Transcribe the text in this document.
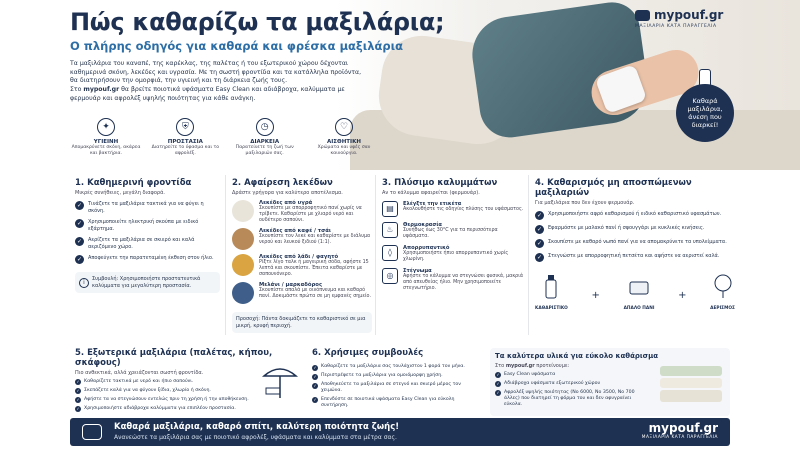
Πώς καθαρίζω τα μαξιλάρια;
Ο πλήρης οδηγός για καθαρά και φρέσκα μαξιλάρια

Τα μαξιλάρια του καναπέ, της καρέκλας, της παλέτας ή του εξωτερικού χώρου δέχονται καθημερινά σκόνη, λεκέδες και υγρασία. Με τη σωστή φροντίδα και τα κατάλληλα προϊόντα, θα διατηρήσουν την ομορφιά, την υγιεινή και τη διάρκεια ζωής τους.

Στο mypouf.gr θα βρείτε ποιοτικά υφάσματα Easy Clean και αδιάβροχα, καλύμματα με φερμουάρ και αφρολέξ υψηλής ποιότητας για κάθε ανάγκη.

mypouf.gr
ΜΑΞΙΛΑΡΙΑ ΚΑΤΑ ΠΑΡΑΓΓΕΛΙΑ
Καθαρά μαξιλάρια, άνεση που διαρκεί!
✦
ΥΓΙΕΙΝΗ
Απομακρύνετε σκόνη, ακάρεα και βακτήρια.
⛨
ΠΡΟΣΤΑΣΙΑ
Διατηρείτε το ύφασμα και το αφρολέξ.
◷
ΔΙΑΡΚΕΙΑ
Παρατείνετε τη ζωή των μαξιλαριών σας.
♡
ΑΙΣΘΗΤΙΚΗ
Χρώματα και υφές σαν καινούργια.
1. Καθημερινή φροντίδα
Μικρές συνήθειες, μεγάλη διαφορά.
✓	Τινάζετε τα μαξιλάρια τακτικά για να φύγει η σκόνη.
✓	Χρησιμοποιείτε ηλεκτρική σκούπα με ειδικό εξάρτημα.
✓	Αερίζετε τα μαξιλάρια σε σκιερό και καλά αεριζόμενο χώρο.
✓	Αποφεύγετε την παρατεταμένη έκθεση στον ήλιο.
i	Συμβουλή: Χρησιμοποιήστε προστατευτικά καλύμματα για μεγαλύτερη προστασία.
2. Αφαίρεση λεκέδων
Δράστε γρήγορα για καλύτερο αποτέλεσμα.
Λεκέδες από υγρά
Σκουπίστε με απορροφητικό πανί χωρίς να τρίβετε. Καθαρίστε με χλιαρό νερό και ουδέτερο σαπούνι.
Λεκέδες από καφέ / τσάι
Σκουπίστε τον λεκέ και καθαρίστε με διάλυμα νερού και λευκού ξιδιού (1:1).
Λεκέδες από λάδι / φαγητό
Ρίξτε λίγο ταλκ ή μαγειρική σόδα, αφήστε 15 λεπτά και σκουπίστε. Έπειτα καθαρίστε με σαπουνόνερο.
Μελάνι / μαρκαδόρος
Σκουπίστε απαλά με οινόπνευμα και καθαρό πανί. Δοκιμάστε πρώτα σε μη εμφανές σημείο.
Προσοχή: Πάντα δοκιμάζετε το καθαριστικό σε μια μικρή, κρυφή περιοχή.
3. Πλύσιμο καλυμμάτων
Αν το κάλυμμα αφαιρείται (φερμουάρ).
▤	Ελέγξτε την ετικέτα
Ακολουθήστε τις οδηγίες πλύσης του υφάσματος.
♨	Θερμοκρασία
Συνήθως έως 30°C για τα περισσότερα υφάσματα.
◊	Απορρυπαντικό
Χρησιμοποιήστε ήπιο απορρυπαντικό χωρίς χλωρίνη.
◎	Στέγνωμα
Αφήστε το κάλυμμα να στεγνώσει φυσικά, μακριά από απευθείας ήλιο. Μην χρησιμοποιείτε στεγνωτήριο.
4. Καθαρισμός μη αποσπώμενων μαξιλαριών
Για μαξιλάρια που δεν έχουν φερμουάρ.
✓	Χρησιμοποιήστε αφρό καθαρισμού ή ειδικό καθαριστικό υφασμάτων.
✓	Εφαρμόστε με μαλακό πανί ή σφουγγάρι με κυκλικές κινήσεις.
✓	Σκουπίστε με καθαρό νωπό πανί για να απομακρύνετε τα υπολείμματα.
✓	Στεγνώστε με απορροφητική πετσέτα και αφήστε να αεριστεί καλά.
ΚΑΘΑΡΙΣΤΙΚΟ
+
ΑΠΑΛΟ ΠΑΝΙ
+
ΑΕΡΙΣΜΟΣ
5. Εξωτερικά μαξιλάρια (παλέτας, κήπου, σκάφους)
Πιο ανθεκτικά, αλλά χρειάζονται σωστή φροντίδα.
✓ Καθαρίζετε τακτικά με νερό και ήπιο σαπούνι.
✓ Σκεπάζετε καλά για να φύγουν ξίδια, χλωρίο ή σκόνη.
✓ Αφήστε τα να στεγνώσουν εντελώς πριν τη χρήση ή την αποθήκευση.
✓ Χρησιμοποιήστε αδιάβροχα καλύμματα για επιπλέον προστασία.
6. Χρήσιμες συμβουλές
✓ Καθαρίζετε τα μαξιλάρια σας τουλάχιστον 1 φορά τον μήνα.
✓ Περιστρέφετε τα μαξιλάρια για ομοιόμορφη χρήση.
✓ Αποθηκεύετε τα μαξιλάρια σε στεγνό και σκιερό μέρος τον χειμώνα.
✓ Επενδύστε σε ποιοτικά υφάσματα Easy Clean για εύκολη συντήρηση.
Τα καλύτερα υλικά για εύκολο καθάρισμα
Στο mypouf.gr προτείνουμε:
✓ Easy Clean υφάσματα
✓ Αδιάβροχα υφάσματα εξωτερικού χώρου
✓ Αφρολέξ υψηλής ποιότητας (Νο 6000, Νο 3500, Νο 700 άλλες) που διατηρεί τη φόρμα του και δεν αφυγραίνει εύκολα.
Καθαρά μαξιλάρια, καθαρό σπίτι, καλύτερη ποιότητα ζωής!
Ανανεώστε τα μαξιλάρια σας με ποιοτικό αφρολέξ, υφάσματα και καλύμματα στα μέτρα σας.
mypouf.gr
ΜΑΞΙΛΑΡΙΑ ΚΑΤΑ ΠΑΡΑΓΓΕΛΙΑ
